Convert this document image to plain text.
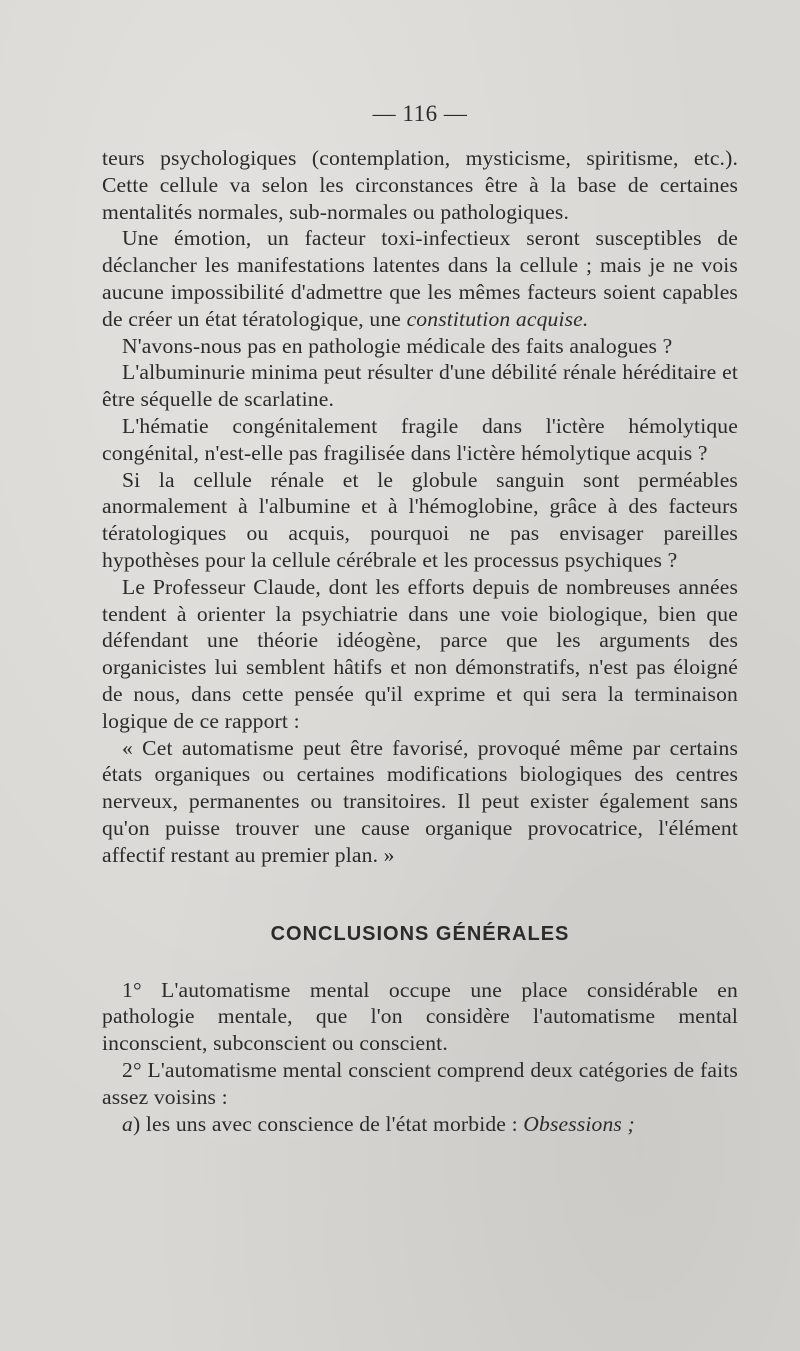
— 116 —

teurs psychologiques (contemplation, mysticisme, spiritisme, etc.). Cette cellule va selon les circonstances être à la base de certaines mentalités normales, sub-normales ou pathologiques.

Une émotion, un facteur toxi-infectieux seront susceptibles de déclancher les manifestations latentes dans la cellule ; mais je ne vois aucune impossibilité d'admettre que les mêmes facteurs soient capables de créer un état tératologique, une constitution acquise.

N'avons-nous pas en pathologie médicale des faits analogues ?

L'albuminurie minima peut résulter d'une débilité rénale héréditaire et être séquelle de scarlatine.

L'hématie congénitalement fragile dans l'ictère hémolytique congénital, n'est-elle pas fragilisée dans l'ictère hémolytique acquis ?

Si la cellule rénale et le globule sanguin sont perméables anormalement à l'albumine et à l'hémoglobine, grâce à des facteurs tératologiques ou acquis, pourquoi ne pas envisager pareilles hypothèses pour la cellule cérébrale et les processus psychiques ?

Le Professeur Claude, dont les efforts depuis de nombreuses années tendent à orienter la psychiatrie dans une voie biologique, bien que défendant une théorie idéogène, parce que les arguments des organicistes lui semblent hâtifs et non démonstratifs, n'est pas éloigné de nous, dans cette pensée qu'il exprime et qui sera la terminaison logique de ce rapport :

« Cet automatisme peut être favorisé, provoqué même par certains états organiques ou certaines modifications biologiques des centres nerveux, permanentes ou transitoires. Il peut exister également sans qu'on puisse trouver une cause organique provocatrice, l'élément affectif restant au premier plan. »

CONCLUSIONS GÉNÉRALES

1° L'automatisme mental occupe une place considérable en pathologie mentale, que l'on considère l'automatisme mental inconscient, subconscient ou conscient.

2° L'automatisme mental conscient comprend deux catégories de faits assez voisins :

a) les uns avec conscience de l'état morbide : Obsessions ;
